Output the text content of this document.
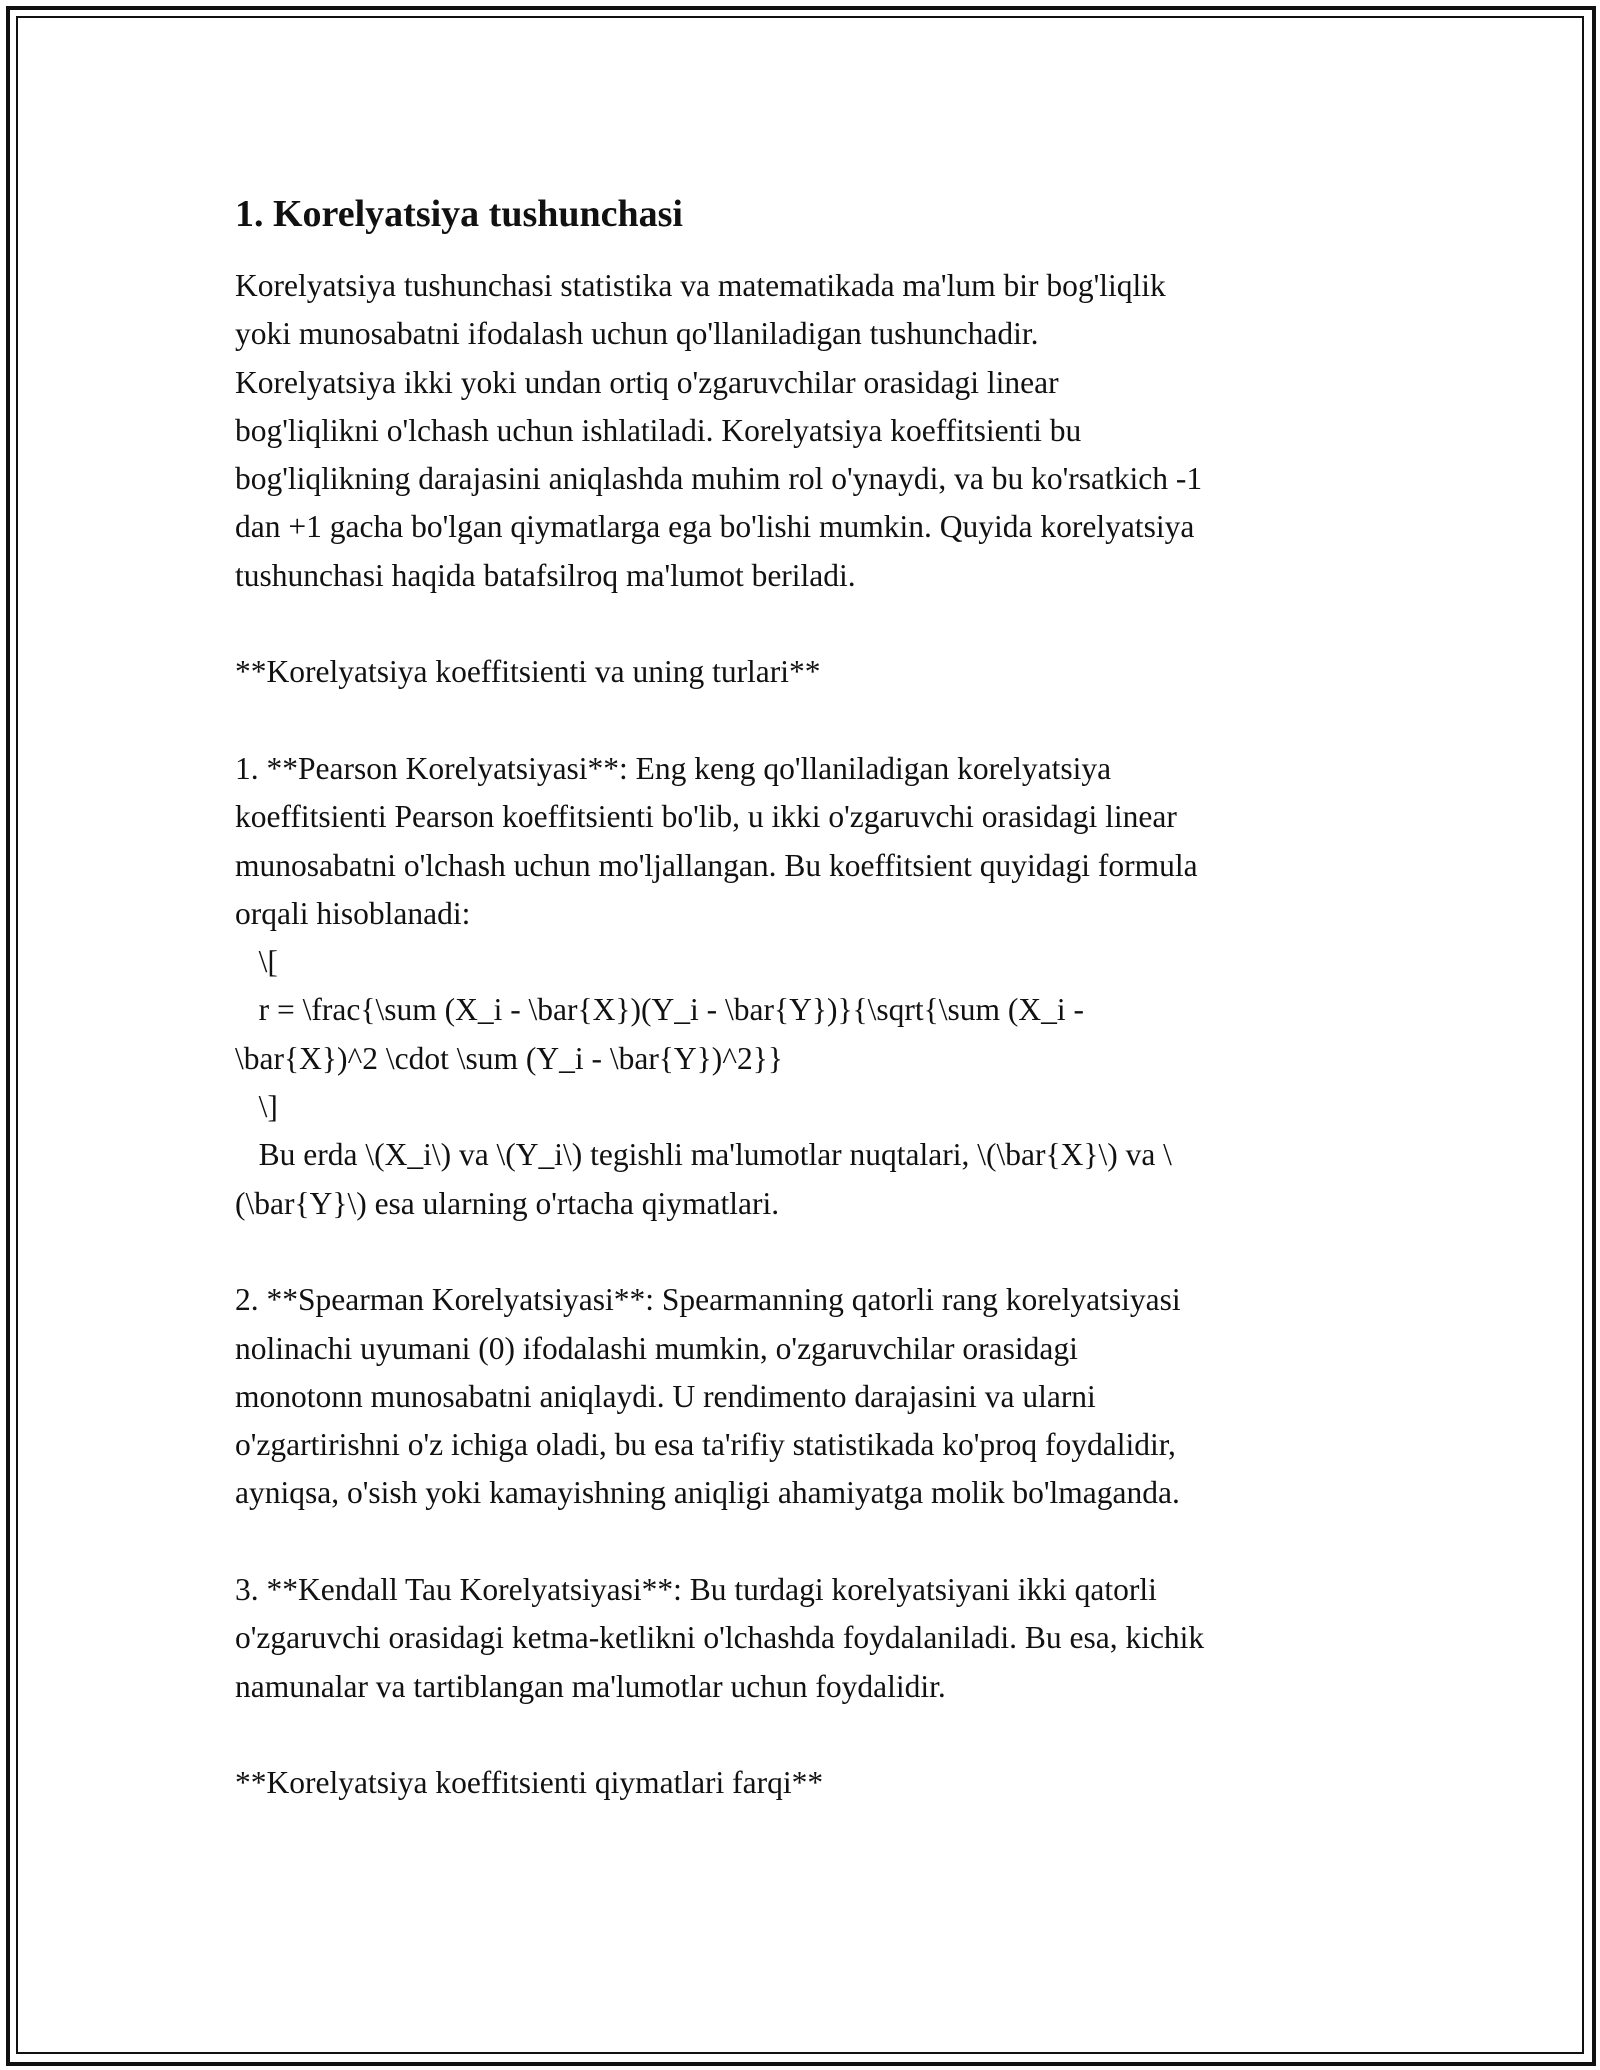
1. Korelyatsiya tushunchasi

Korelyatsiya tushunchasi statistika va matematikada ma'lum bir bog'liqlik
yoki munosabatni ifodalash uchun qo'llaniladigan tushunchadir.
Korelyatsiya ikki yoki undan ortiq o'zgaruvchilar orasidagi linear
bog'liqlikni o'lchash uchun ishlatiladi. Korelyatsiya koeffitsienti bu
bog'liqlikning darajasini aniqlashda muhim rol o'ynaydi, va bu ko'rsatkich -1
dan +1 gacha bo'lgan qiymatlarga ega bo'lishi mumkin. Quyida korelyatsiya
tushunchasi haqida batafsilroq ma'lumot beriladi.

**Korelyatsiya koeffitsienti va uning turlari**

1. **Pearson Korelyatsiyasi**: Eng keng qo'llaniladigan korelyatsiya
koeffitsienti Pearson koeffitsienti bo'lib, u ikki o'zgaruvchi orasidagi linear
munosabatni o'lchash uchun mo'ljallangan. Bu koeffitsient quyidagi formula
orqali hisoblanadi:
\[
r = \frac{\sum (X_i - \bar{X})(Y_i - \bar{Y})}{\sqrt{\sum (X_i -
\bar{X})^2 \cdot \sum (Y_i - \bar{Y})^2}}
\]
Bu erda \(X_i\) va \(Y_i\) tegishli ma'lumotlar nuqtalari, \(\bar{X}\) va \
(\bar{Y}\) esa ularning o'rtacha qiymatlari.

2. **Spearman Korelyatsiyasi**: Spearmanning qatorli rang korelyatsiyasi
nolinachi uyumani (0) ifodalashi mumkin, o'zgaruvchilar orasidagi
monotonn munosabatni aniqlaydi. U rendimento darajasini va ularni
o'zgartirishni o'z ichiga oladi, bu esa ta'rifiy statistikada ko'proq foydalidir,
ayniqsa, o'sish yoki kamayishning aniqligi ahamiyatga molik bo'lmaganda.

3. **Kendall Tau Korelyatsiyasi**: Bu turdagi korelyatsiyani ikki qatorli
o'zgaruvchi orasidagi ketma-ketlikni o'lchashda foydalaniladi. Bu esa, kichik
namunalar va tartiblangan ma'lumotlar uchun foydalidir.

**Korelyatsiya koeffitsienti qiymatlari farqi**
